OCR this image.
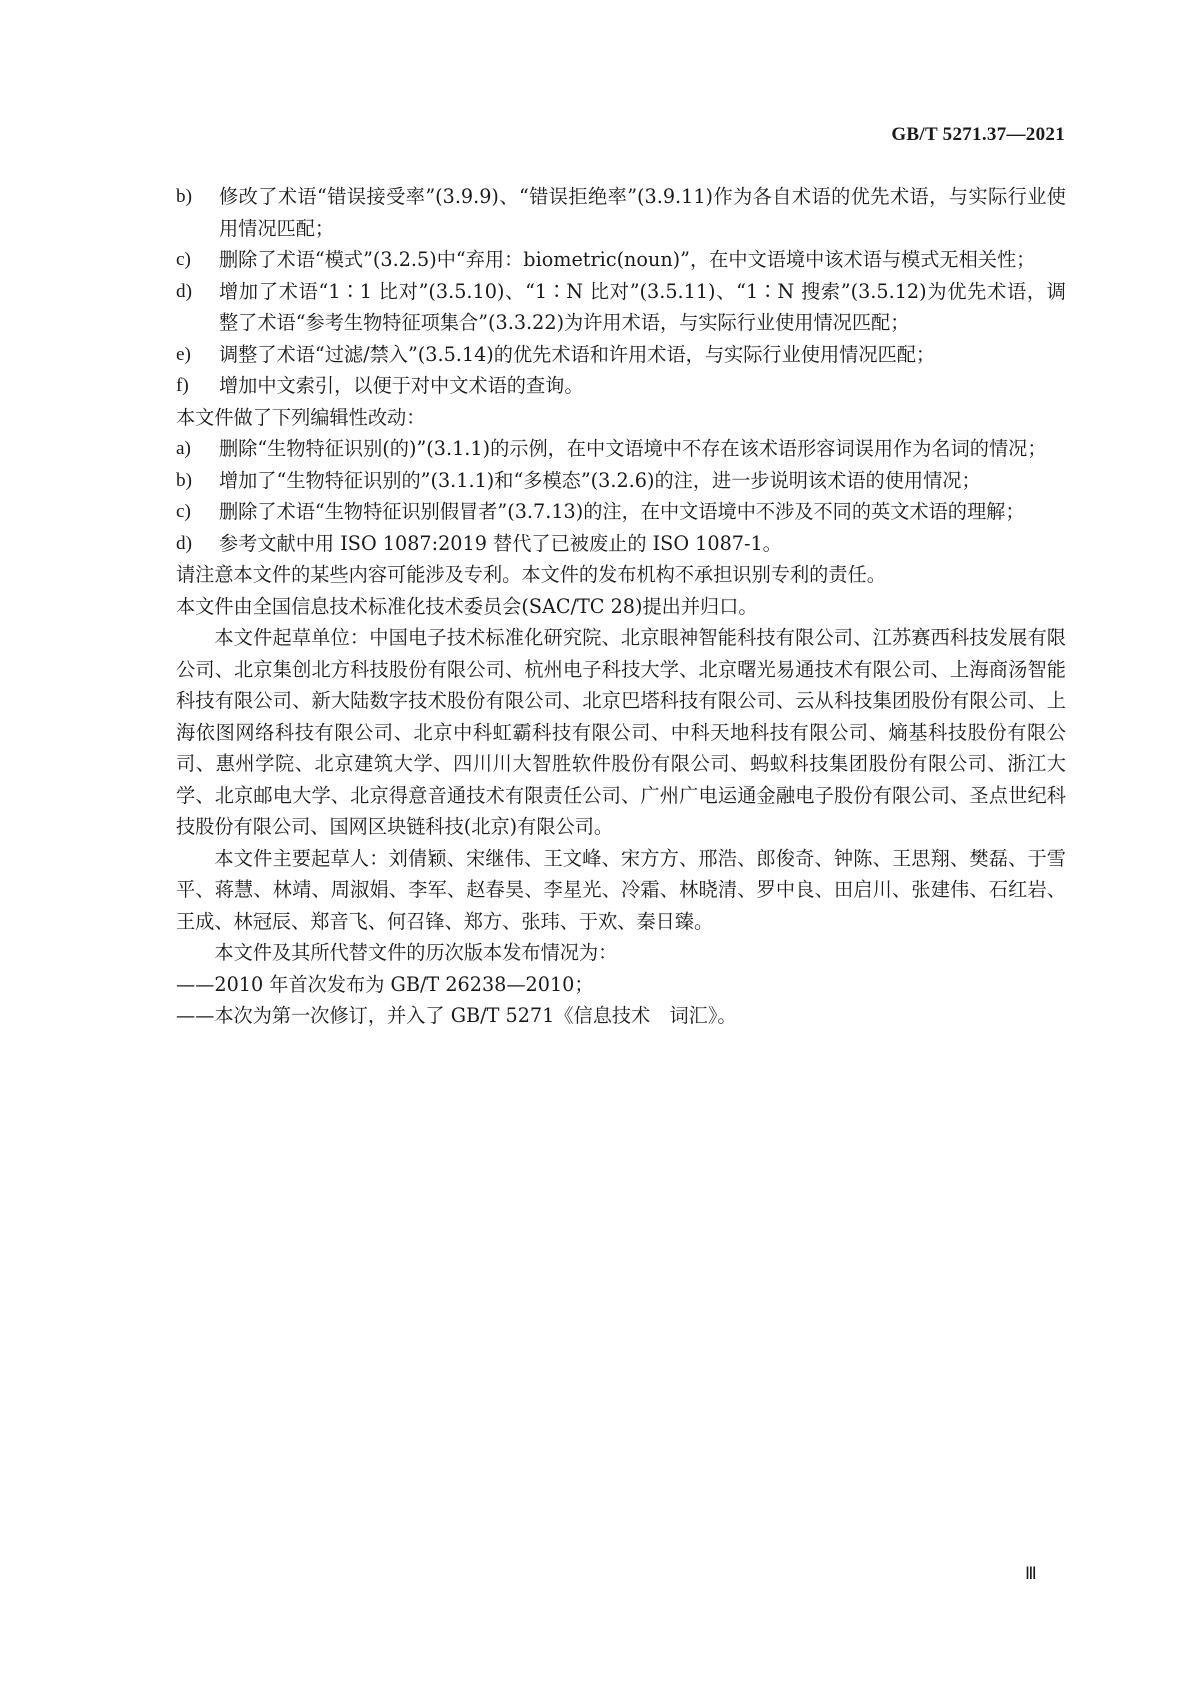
GB/T 5271.37—2021
b) 修改了术语“错误接受率”(3.9.9)、“错误拒绝率”(3.9.11)作为各自术语的优先术语，与实际行业使用情况匹配；
c) 删除了术语“模式”(3.2.5)中“弃用：biometric(noun)”，在中文语境中该术语与模式无相关性；
d) 增加了术语“1∶1 比对”(3.5.10)、“1∶N 比对”(3.5.11)、“1∶N 搜索”(3.5.12)为优先术语，调整了术语“参考生物特征项集合”(3.3.22)为许用术语，与实际行业使用情况匹配；
e) 调整了术语“过滤/禁入”(3.5.14)的优先术语和许用术语，与实际行业使用情况匹配；
f) 增加中文索引，以便于对中文术语的查询。
本文件做了下列编辑性改动：
a) 删除“生物特征识别(的)”(3.1.1)的示例，在中文语境中不存在该术语形容词误用作为名词的情况；
b) 增加了“生物特征识别的”(3.1.1)和“多模态”(3.2.6)的注，进一步说明该术语的使用情况；
c) 删除了术语“生物特征识别假冒者”(3.7.13)的注，在中文语境中不涉及不同的英文术语的理解；
d) 参考文献中用 ISO 1087:2019 替代了已被废止的 ISO 1087-1。
请注意本文件的某些内容可能涉及专利。本文件的发布机构不承担识别专利的责任。
本文件由全国信息技术标准化技术委员会(SAC/TC 28)提出并归口。
本文件起草单位：中国电子技术标准化研究院、北京眼神智能科技有限公司、江苏赛西科技发展有限公司、北京集创北方科技股份有限公司、杭州电子科技大学、北京曙光易通技术有限公司、上海商汤智能科技有限公司、新大陆数字技术股份有限公司、北京巴塔科技有限公司、云从科技集团股份有限公司、上海依图网络科技有限公司、北京中科虹霸科技有限公司、中科天地科技有限公司、熵基科技股份有限公司、惠州学院、北京建筑大学、四川川大智胜软件股份有限公司、蚂蚁科技集团股份有限公司、浙江大学、北京邮电大学、北京得意音通技术有限责任公司、广州广电运通金融电子股份有限公司、圣点世纪科技股份有限公司、国网区块链科技(北京)有限公司。
本文件主要起草人：刘倩颖、宋继伟、王文峰、宋方方、邢浩、郎俊奇、钟陈、王思翔、樊磊、于雪平、蒋慧、林靖、周淑娟、李军、赵春昊、李星光、冷霜、林晓清、罗中良、田启川、张建伟、石红岩、王成、林冠辰、郑音飞、何召锋、郑方、张玮、于欢、秦日臻。
本文件及其所代替文件的历次版本发布情况为：
——2010 年首次发布为 GB/T 26238—2010；
——本次为第一次修订，并入了 GB/T 5271《信息技术　词汇》。
Ⅲ
